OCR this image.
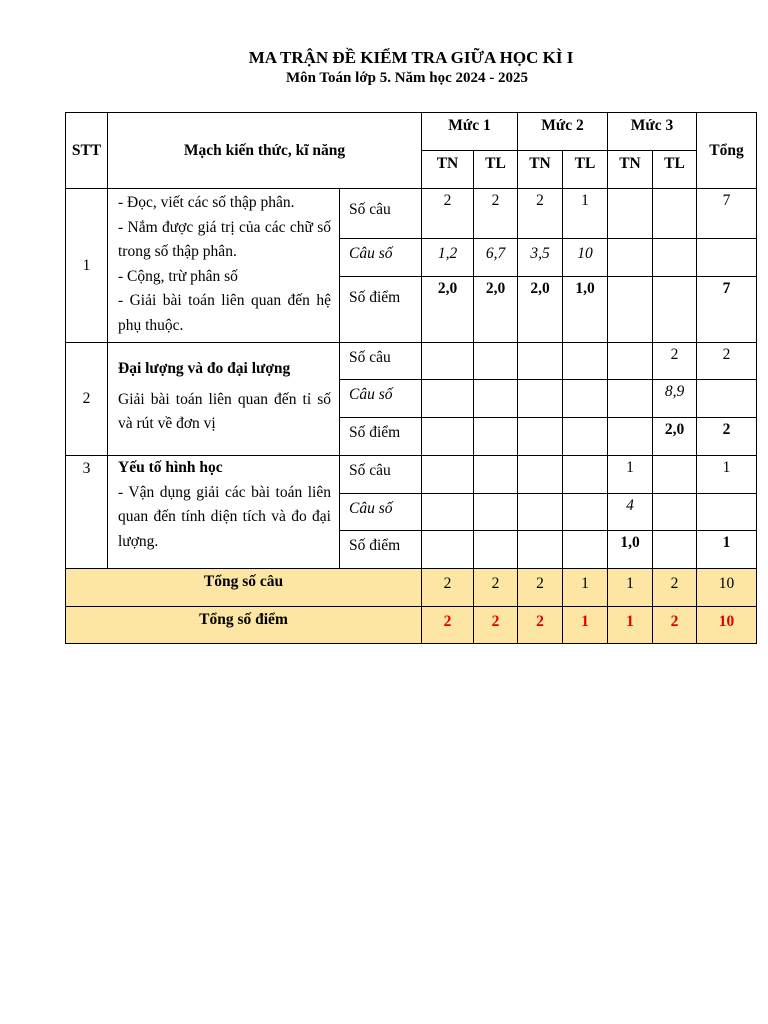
MA TRẬN ĐỀ KIỂM TRA GIỮA HỌC KÌ I
Môn Toán lớp 5. Năm học 2024 - 2025
STT	Mạch kiến thức, kĩ năng		Mức 1		Mức 2		Mức 3		Tổng
			TN	TL	TN	TL	TN	TL	
1	- Đọc, viết các số thập phân.
- Nắm được giá trị của các chữ số trong số thập phân.
- Cộng, trừ phân số
- Giải bài toán liên quan đến hệ phụ thuộc.	Số câu	2	2	2	1			7
		Câu số	1,2	6,7	3,5	10			
		Số điểm	2,0	2,0	2,0	1,0			7
2	Đại lượng và đo đại lượng
Giải bài toán liên quan đến tỉ số và rút về đơn vị	Số câu						2	2
		Câu số						8,9	
		Số điểm						2,0	2
3	Yếu tố hình học
- Vận dụng giải các bài toán liên quan đến tính diện tích và đo đại lượng.	Số câu					1		1
		Câu số					4		
		Số điểm					1,0		1
Tổng số câu			2	2	2	1	1	2	10
Tổng số điểm			2	2	2	1	1	2	10
